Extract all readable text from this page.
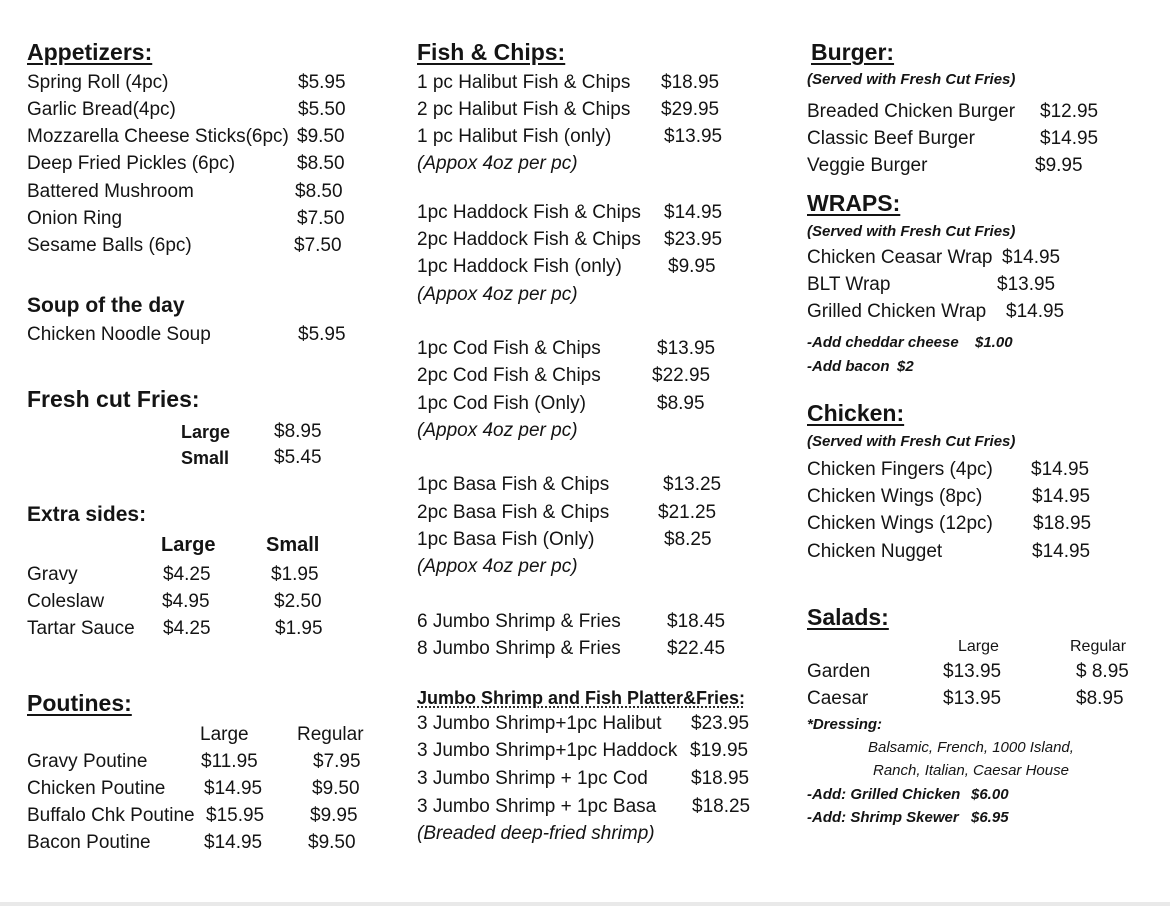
Appetizers:
Spring Roll (4pc)	$5.95
Garlic Bread(4pc)	$5.50
Mozzarella Cheese Sticks(6pc) $9.50
Deep Fried Pickles (6pc)	$8.50
Battered Mushroom	$8.50
Onion Ring	$7.50
Sesame Balls (6pc)	$7.50
Soup of the day
Chicken Noodle Soup	$5.95
Fresh cut Fries:
Large $8.95
Small $5.45
Extra sides:
Large	Small
Gravy	$4.25	$1.95
Coleslaw	$4.95	$2.50
Tartar Sauce $4.25	$1.95
Poutines:
Large	Regular
Gravy Poutine	$11.95	$7.95
Chicken Poutine $14.95	$9.50
Buffalo Chk Poutine $15.95 $9.95
Bacon Poutine	$14.95 $9.50
Fish & Chips:
1 pc Halibut Fish & Chips $18.95
2 pc Halibut Fish & Chips $29.95
1 pc Halibut Fish (only)	$13.95
(Appox 4oz per pc)
1pc Haddock Fish & Chips $14.95
2pc Haddock Fish & Chips $23.95
1pc Haddock Fish (only) $9.95
(Appox 4oz per pc)
1pc Cod Fish & Chips	$13.95
2pc Cod Fish & Chips	$22.95
1pc Cod Fish (Only)	$8.95
(Appox 4oz per pc)
1pc Basa Fish & Chips	$13.25
2pc Basa Fish & Chips	$21.25
1pc Basa Fish (Only)	$8.25
(Appox 4oz per pc)
6 Jumbo Shrimp & Fries $18.45
8 Jumbo Shrimp & Fries $22.45
Jumbo Shrimp and Fish Platter&Fries:
3 Jumbo Shrimp+1pc Halibut $23.95
3 Jumbo Shrimp+1pc Haddock $19.95
3 Jumbo Shrimp + 1pc Cod $18.95
3 Jumbo Shrimp + 1pc Basa $18.25
(Breaded deep-fried shrimp)
Burger:
(Served with Fresh Cut Fries)
Breaded Chicken Burger $12.95
Classic Beef Burger	$14.95
Veggie Burger	$9.95
WRAPS:
(Served with Fresh Cut Fries)
Chicken Ceasar Wrap $14.95
BLT Wrap	$13.95
Grilled Chicken Wrap $14.95
-Add cheddar cheese $1.00
-Add bacon $2
Chicken:
(Served with Fresh Cut Fries)
Chicken Fingers (4pc) $14.95
Chicken Wings (8pc)	$14.95
Chicken Wings (12pc) $18.95
Chicken Nugget	$14.95
Salads:
Large	Regular
Garden	$13.95	$ 8.95
Caesar	$13.95	$8.95
*Dressing:
Balsamic, French, 1000 Island,
Ranch, Italian, Caesar House
-Add: Grilled Chicken $6.00
-Add: Shrimp Skewer $6.95
